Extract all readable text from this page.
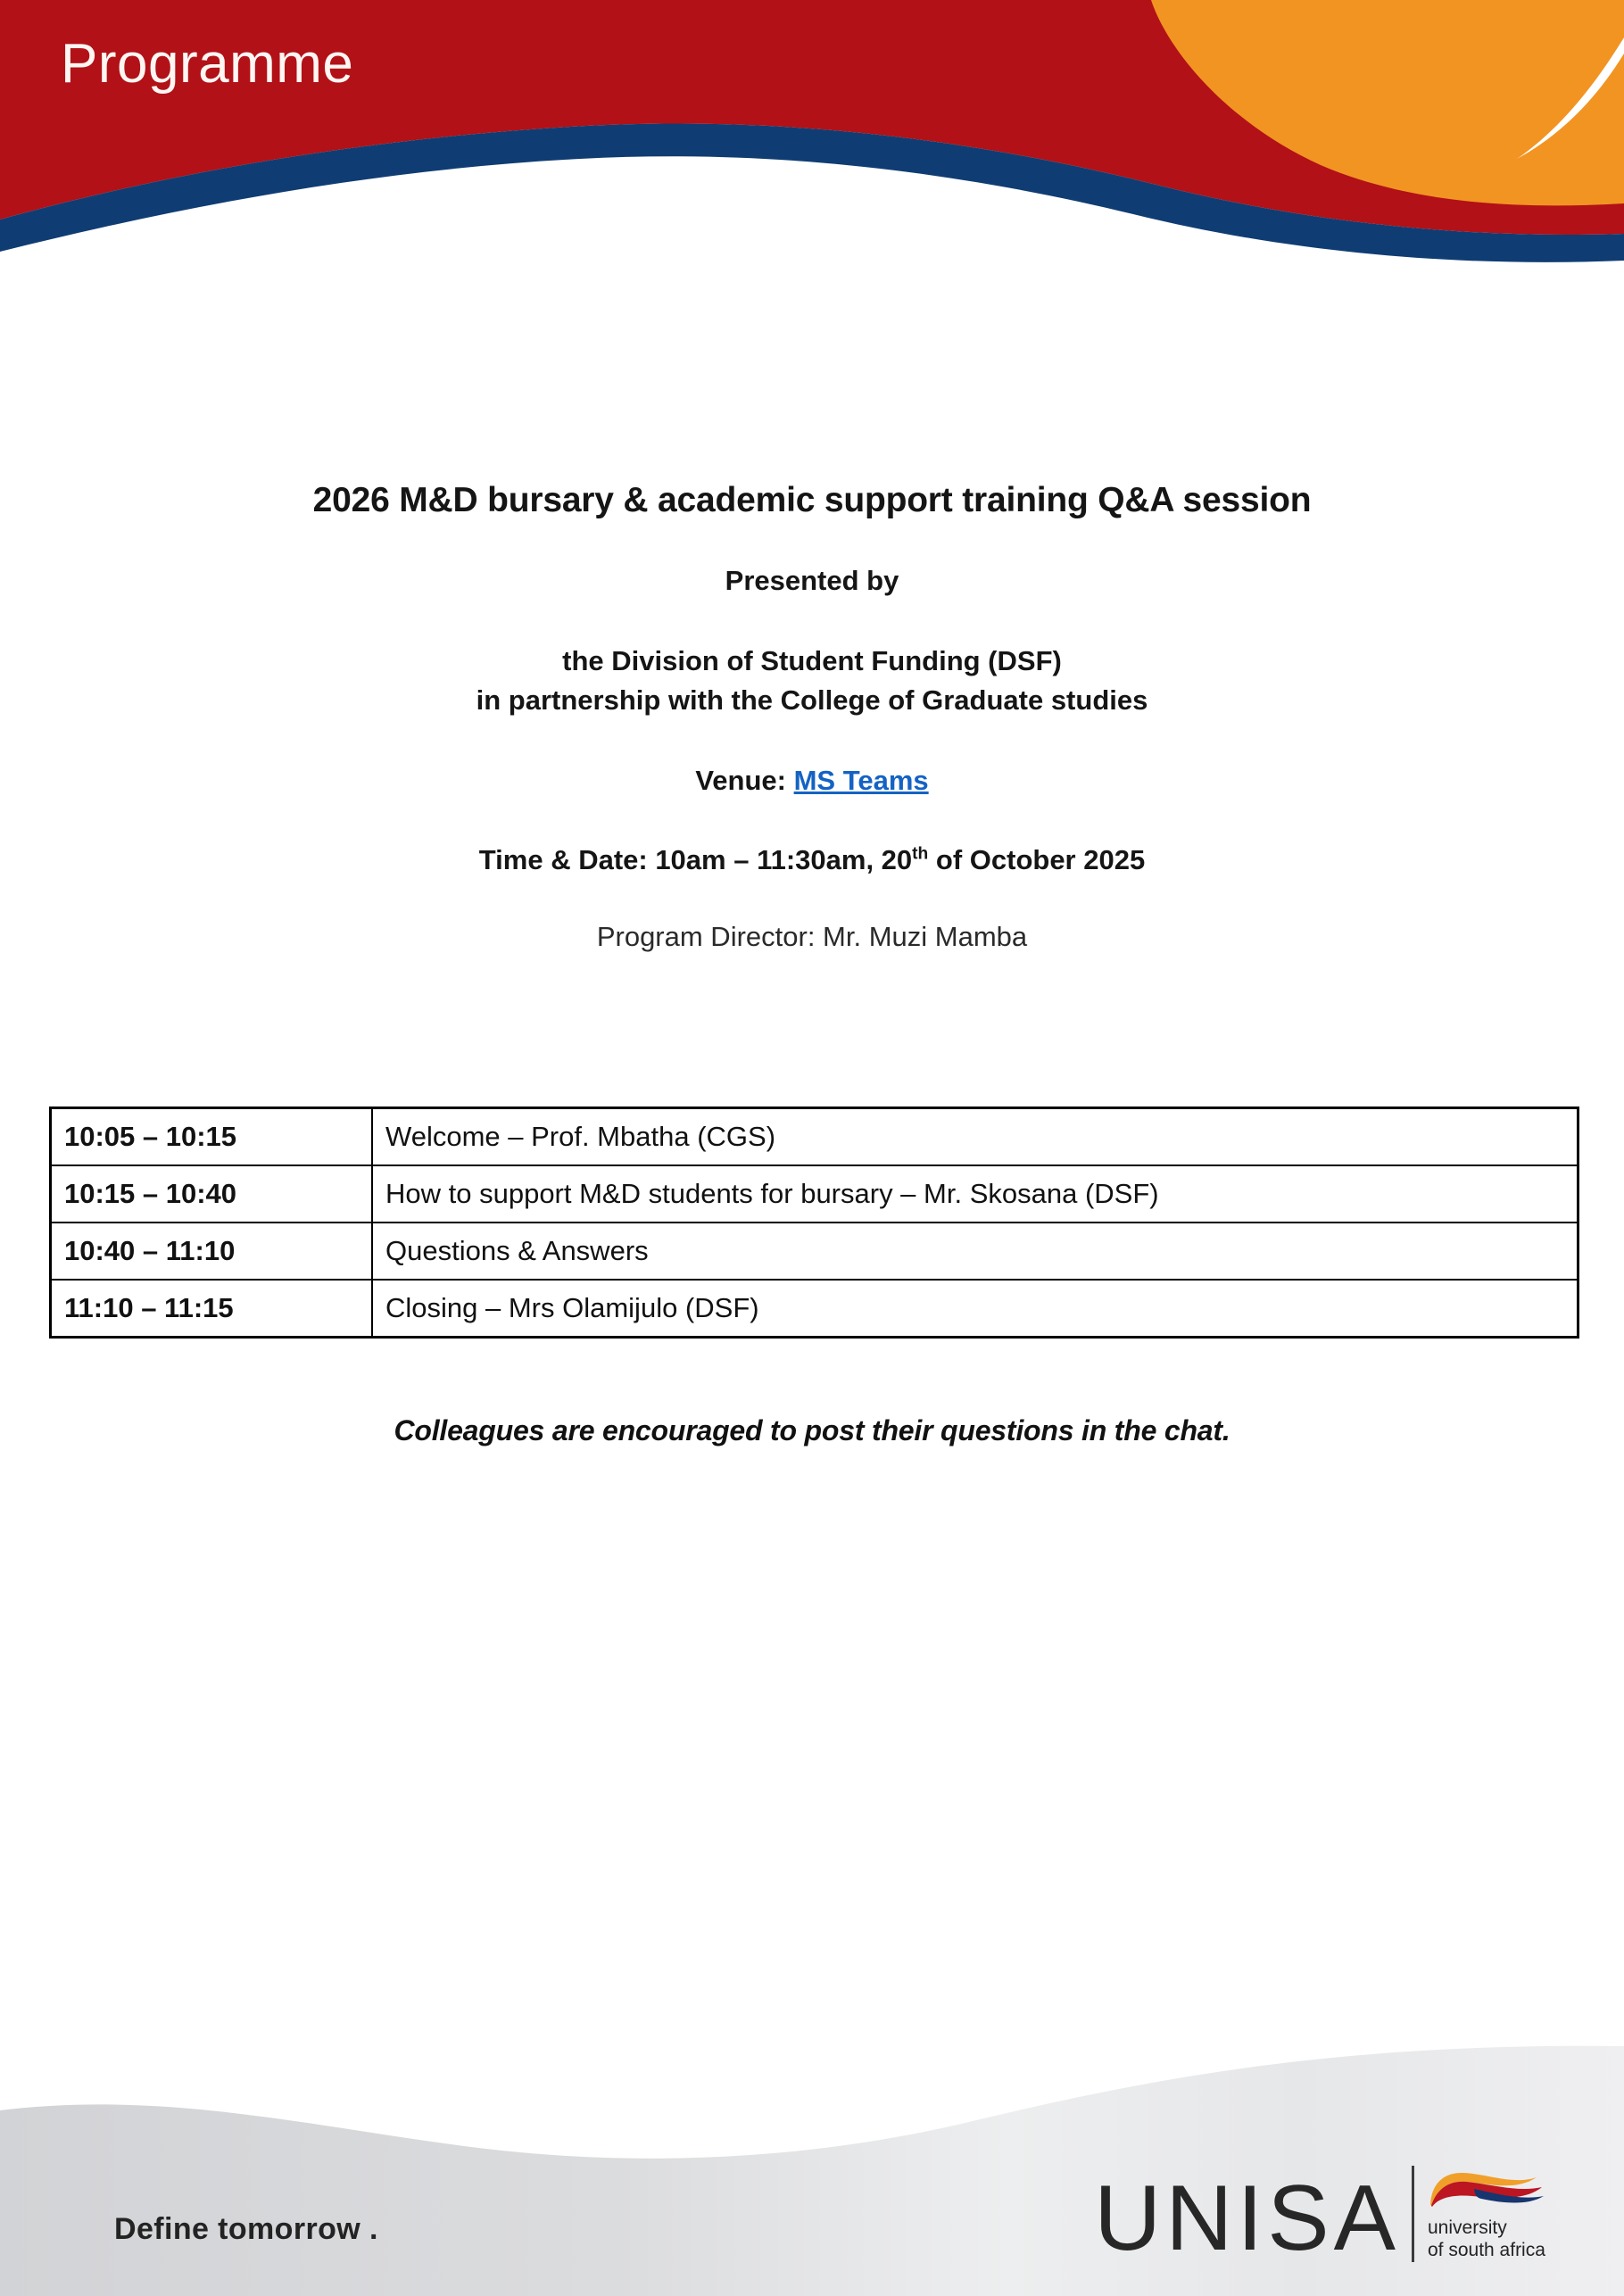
Programme
2026 M&D bursary & academic support training Q&A session
Presented by
the Division of Student Funding (DSF)
in partnership with the College of Graduate studies
Venue: MS Teams
Time & Date: 10am – 11:30am, 20th of October 2025
Program Director: Mr. Muzi Mamba
10:05 – 10:15	Welcome – Prof. Mbatha (CGS)
10:15 – 10:40	How to support M&D students for bursary – Mr. Skosana (DSF)
10:40 – 11:10	Questions & Answers
11:10 – 11:15	Closing – Mrs Olamijulo (DSF)
Colleagues are encouraged to post their questions in the chat.
Define tomorrow .	UNISA university
of south africa
